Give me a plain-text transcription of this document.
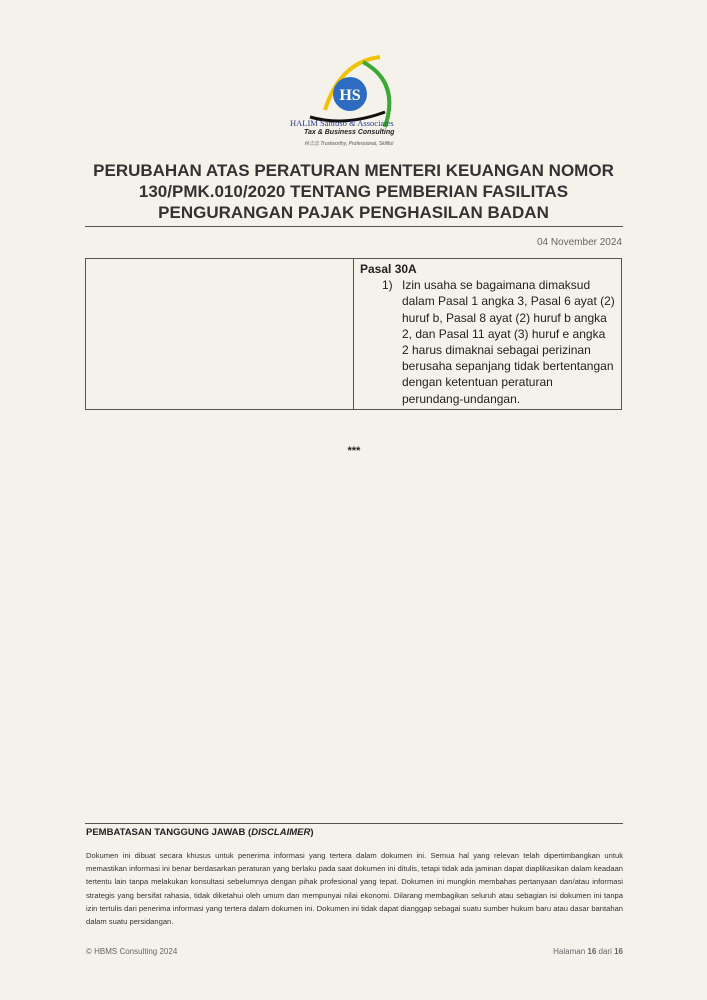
HS
HALIM Santoso & Associates
Tax & Business Consulting
林志忠 Trustworthy, Professional, Skillful
PERUBAHAN ATAS PERATURAN MENTERI KEUANGAN NOMOR 130/PMK.010/2020 TENTANG PEMBERIAN FASILITAS PENGURANGAN PAJAK PENGHASILAN BADAN
04 November 2024

Pasal 30A
1) Izin usaha se bagaimana dimaksud dalam Pasal 1 angka 3, Pasal 6 ayat (2) huruf b, Pasal 8 ayat (2) huruf b angka 2, dan Pasal 11 ayat (3) huruf e angka 2 harus dimaknai sebagai perizinan berusaha sepanjang tidak bertentangan dengan ketentuan peraturan perundang-undangan.
***
PEMBATASAN TANGGUNG JAWAB (DISCLAIMER)
Dokumen ini dibuat secara khusus untuk penerima informasi yang tertera dalam dokumen ini. Semua hal yang relevan telah dipertimbangkan untuk memastikan informasi ini benar berdasarkan peraturan yang berlaku pada saat dokumen ini ditulis, tetapi tidak ada jaminan dapat diaplikasikan dalam keadaan tertentu lain tanpa melakukan konsultasi sebelumnya dengan pihak profesional yang tepat. Dokumen ini mungkin membahas pertanyaan dan/atau informasi strategis yang bersifat rahasia, tidak diketahui oleh umum dan mempunyai nilai ekonomi. Dilarang membagikan seluruh atau sebagian isi dokumen ini tanpa izin tertulis dari penerima informasi yang tertera dalam dokumen ini. Dokumen ini tidak dapat dianggap sebagai suatu sumber hukum baru atau dasar bantahan dalam suatu persidangan.
© HBMS Consulting 2024	Halaman 16 dari 16
